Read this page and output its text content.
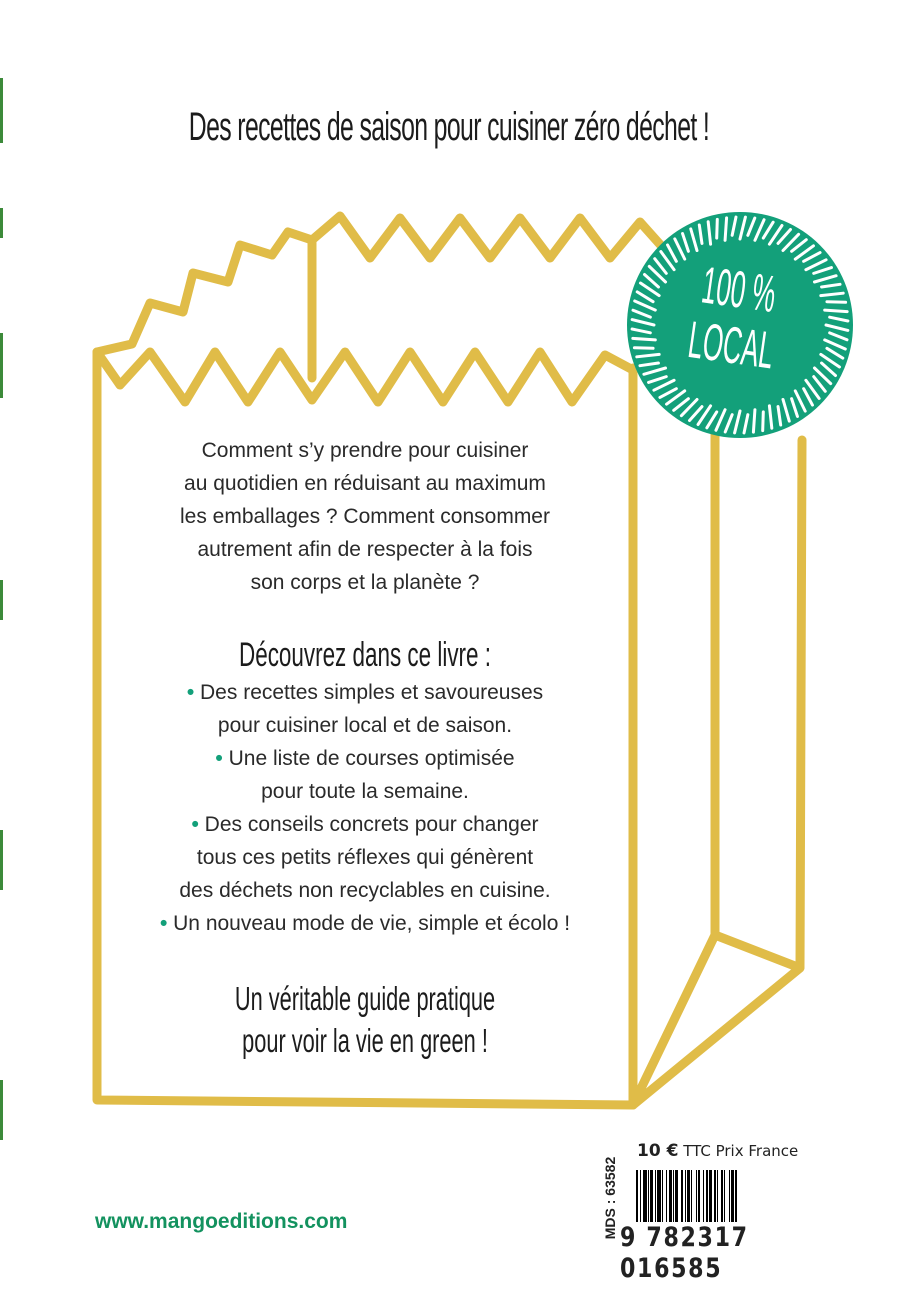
Des recettes de saison pour cuisiner zéro déchet !
100 %
LOCAL
Comment s’y prendre pour cuisiner
au quotidien en réduisant au maximum
les emballages ? Comment consommer
autrement afin de respecter à la fois
son corps et la planète ?
Découvrez dans ce livre :
• Des recettes simples et savoureuses
pour cuisiner local et de saison.
• Une liste de courses optimisée
pour toute la semaine.
• Des conseils concrets pour changer
tous ces petits réflexes qui génèrent
des déchets non recyclables en cuisine.
• Un nouveau mode de vie, simple et écolo !
Un véritable guide pratique
pour voir la vie en green !
www.mangoeditions.com	MDS : 63582
10 € TTC Prix France
9 782317 016585
